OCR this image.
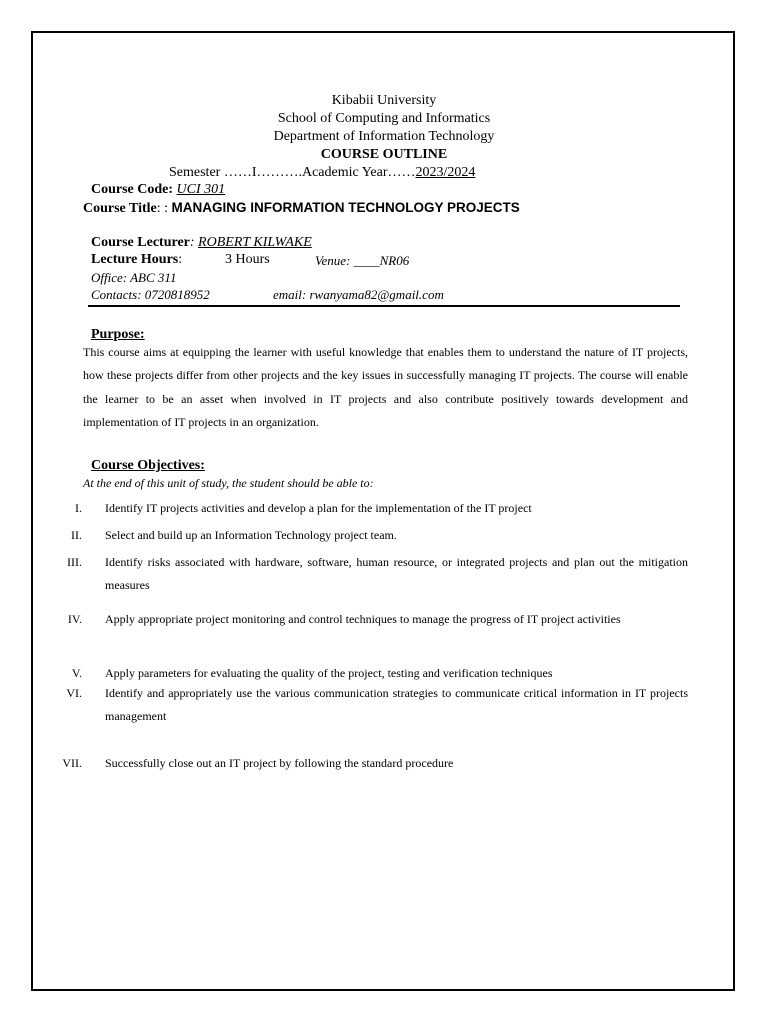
Kibabii University
School of Computing and Informatics
Department of Information Technology
COURSE OUTLINE
Semester ……I……….Academic Year……2023/2024
Course Code: UCI 301
Course Title: : MANAGING INFORMATION TECHNOLOGY PROJECTS
Course Lecturer: ROBERT KILWAKE
Lecture Hours:	3 Hours	Venue: ____NR06
Office: ABC 311
Contacts: 0720818952	email: rwanyama82@gmail.com
Purpose:
This course aims at equipping the learner with useful knowledge that enables them to understand the nature of IT projects, how these projects differ from other projects and the key issues in successfully managing IT projects. The course will enable the learner to be an asset when involved in IT projects and also contribute positively towards development and implementation of IT projects in an organization.
Course Objectives:
At the end of this unit of study, the student should be able to:
I. Identify IT projects activities and develop a plan for the implementation of the IT project
II. Select and build up an Information Technology project team.
III. Identify risks associated with hardware, software, human resource, or integrated projects and plan out the mitigation measures
IV. Apply appropriate project monitoring and control techniques to manage the progress of IT project activities
V. Apply parameters for evaluating the quality of the project, testing and verification techniques
VI. Identify and appropriately use the various communication strategies to communicate critical information in IT projects management
VII. Successfully close out an IT project by following the standard procedure
